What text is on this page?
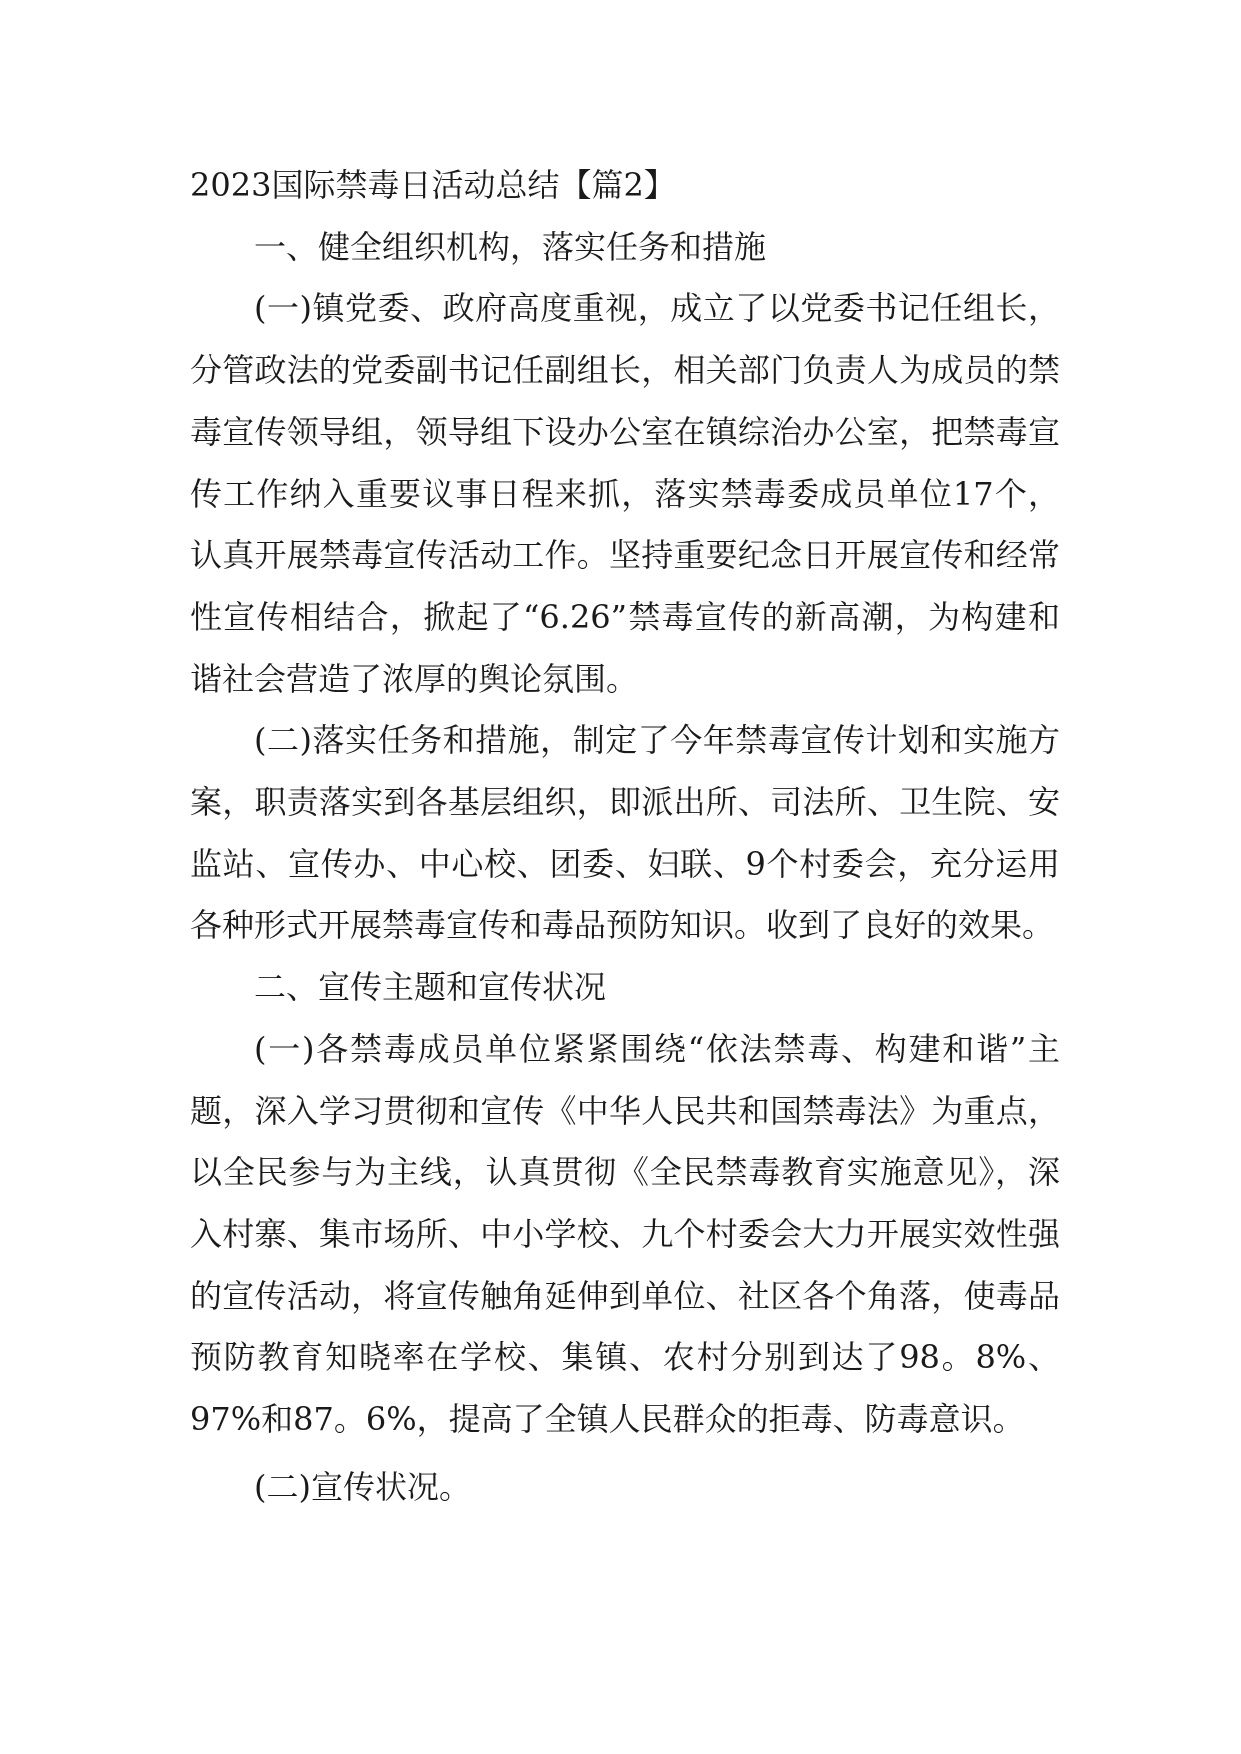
2023国际禁毒日活动总结【篇2】

一、健全组织机构，落实任务和措施

(一)镇党委、政府高度重视，成立了以党委书记任组长，分管政法的党委副书记任副组长，相关部门负责人为成员的禁毒宣传领导组，领导组下设办公室在镇综治办公室，把禁毒宣传工作纳入重要议事日程来抓，落实禁毒委成员单位17个，认真开展禁毒宣传活动工作。坚持重要纪念日开展宣传和经常性宣传相结合，掀起了“6.26”禁毒宣传的新高潮，为构建和谐社会营造了浓厚的舆论氛围。

(二)落实任务和措施，制定了今年禁毒宣传计划和实施方案，职责落实到各基层组织，即派出所、司法所、卫生院、安监站、宣传办、中心校、团委、妇联、9个村委会，充分运用各种形式开展禁毒宣传和毒品预防知识。收到了良好的效果。

二、宣传主题和宣传状况

(一)各禁毒成员单位紧紧围绕“依法禁毒、构建和谐”主题，深入学习贯彻和宣传《中华人民共和国禁毒法》为重点，以全民参与为主线，认真贯彻《全民禁毒教育实施意见》，深入村寨、集市场所、中小学校、九个村委会大力开展实效性强的宣传活动，将宣传触角延伸到单位、社区各个角落，使毒品预防教育知晓率在学校、集镇、农村分别到达了98。8%、97%和87。6%，提高了全镇人民群众的拒毒、防毒意识。

(二)宣传状况。
